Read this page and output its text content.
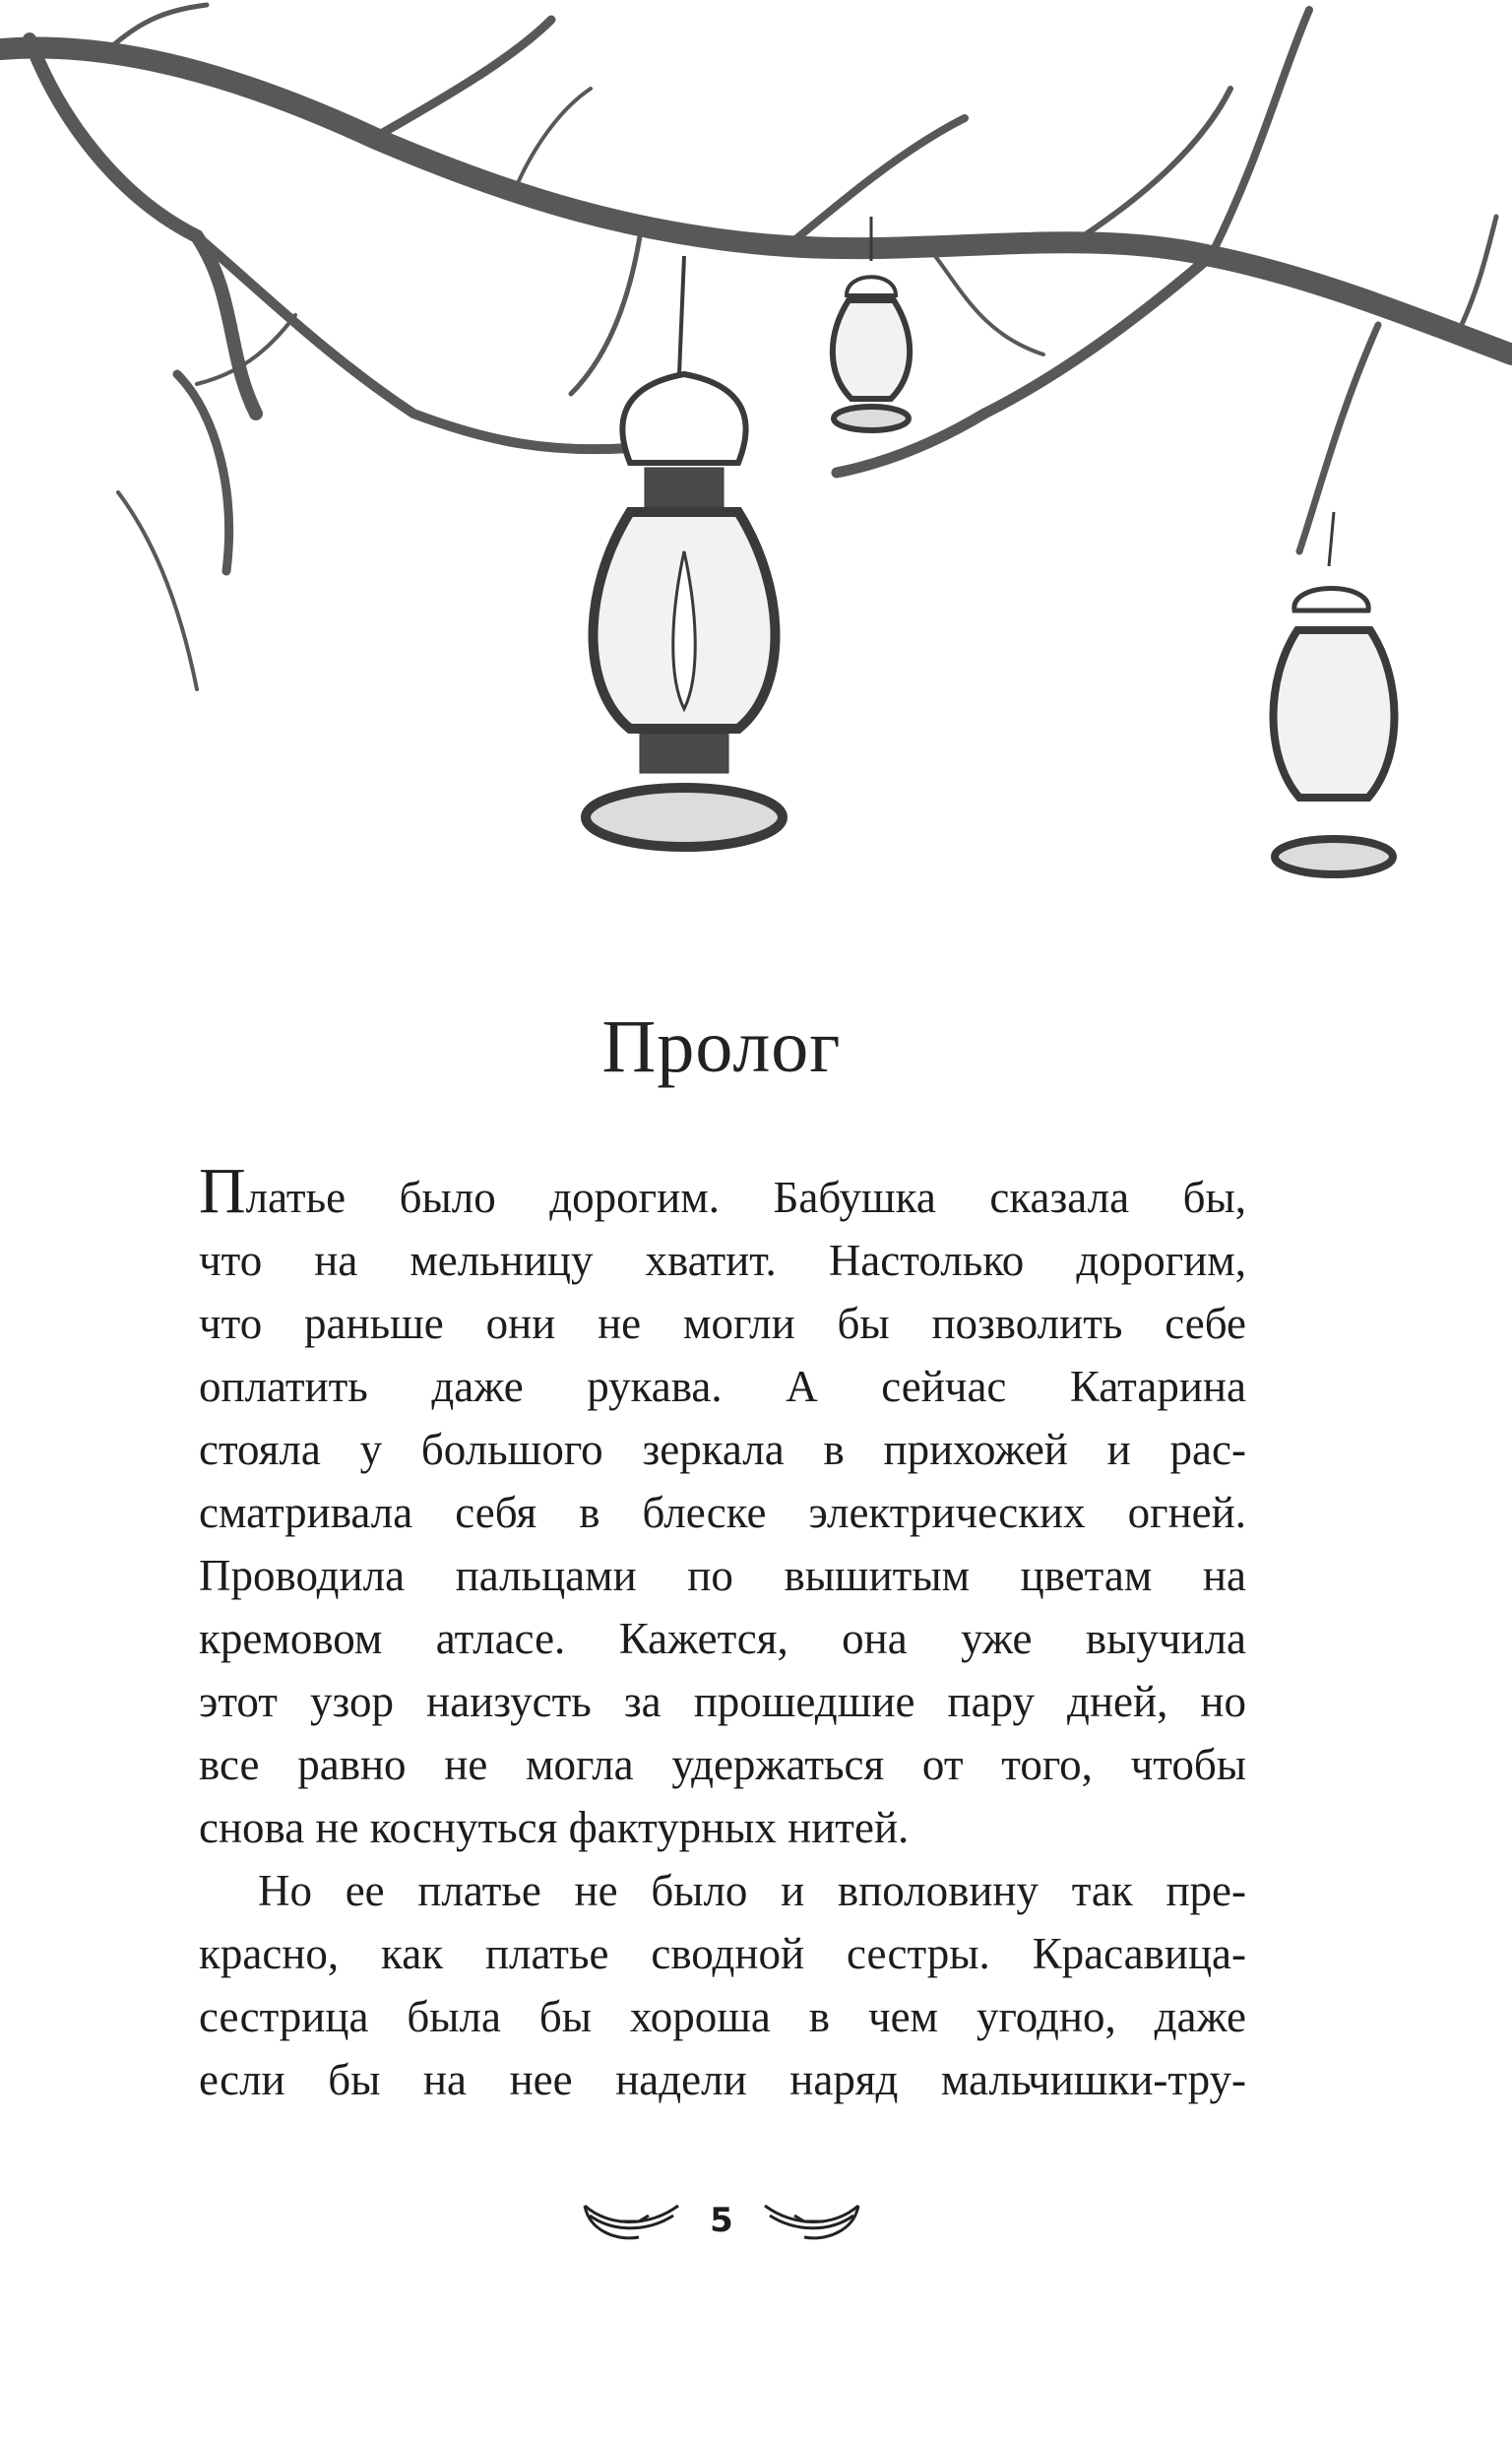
Пролог
Платье было дорогим. Бабушка сказала бы,
что на мельницу хватит. Настолько дорогим,
что раньше они не могли бы позволить себе
оплатить даже рукава. А сейчас Катарина
стояла у большого зеркала в прихожей и рас-
сматривала себя в блеске электрических огней.
Проводила пальцами по вышитым цветам на
кремовом атласе. Кажется, она уже выучила
этот узор наизусть за прошедшие пару дней, но
все равно не могла удержаться от того, чтобы
снова не коснуться фактурных нитей.
Но ее платье не было и вполовину так пре-
красно, как платье сводной сестры. Красавица-
сестрица была бы хороша в чем угодно, даже
если бы на нее надели наряд мальчишки-тру-
5
